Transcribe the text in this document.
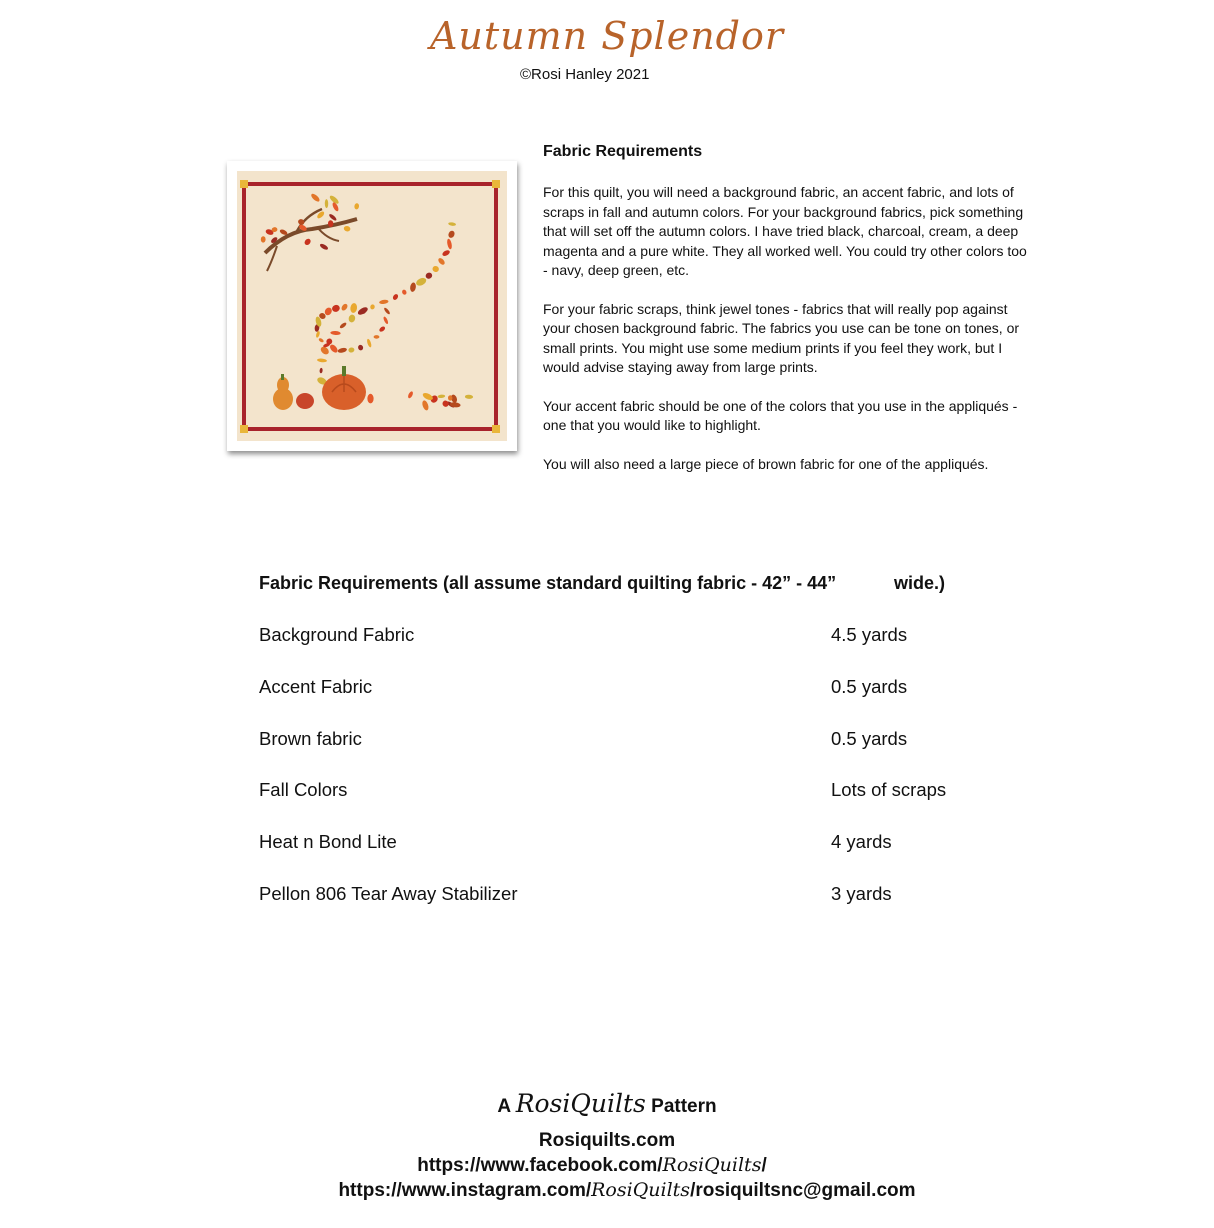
Autumn Splendor
©Rosi Hanley 2021
Fabric Requirements

For this quilt, you will need a background fabric, an accent fabric, and lots of scraps in fall and autumn colors. For your background fabrics, pick something that will set off the autumn colors. I have tried black, charcoal, cream, a deep magenta and a pure white. They all worked well. You could try other colors too - navy, deep green, etc.

For your fabric scraps, think jewel tones - fabrics that will really pop against your chosen background fabric. The fabrics you use can be tone on tones, or small prints. You might use some medium prints if you feel they work, but I would advise staying away from large prints.

Your accent fabric should be one of the colors that you use in the appliqués - one that you would like to highlight.

You will also need a large piece of brown fabric for one of the appliqués.

Fabric Requirements (all assume standard quilting fabric - 42” - 44”	wide.)
Background Fabric	4.5 yards
Accent Fabric	0.5 yards
Brown fabric	0.5 yards
Fall Colors	Lots of scraps
Heat n Bond Lite	4 yards
Pellon 806 Tear Away Stabilizer	3 yards
A RosiQuilts Pattern
Rosiquilts.com
https://www.facebook.com/RosiQuilts/
https://www.instagram.com/RosiQuilts/rosiquiltsnc@gmail.com
